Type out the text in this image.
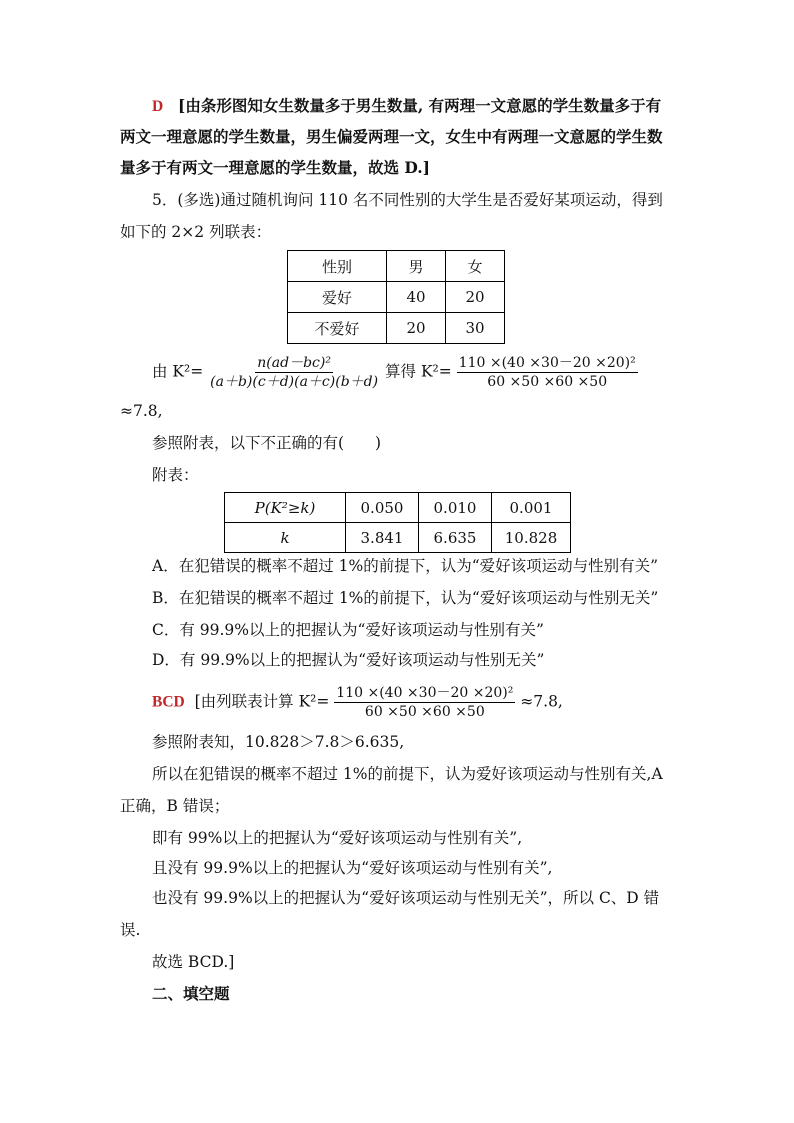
D [由条形图知女生数量多于男生数量, 有两理一文意愿的学生数量多于有
两文一理意愿的学生数量，男生偏爱两理一文，女生中有两理一文意愿的学生数
量多于有两文一理意愿的学生数量，故选 D.]
5．(多选)通过随机询问 110 名不同性别的大学生是否爱好某项运动，得到
如下的 2×2 列联表：
性别	男	女
爱好	40	20
不爱好	20	30
由 $K^2= \frac{\text{n(ad－bc)²}}{(a+b)(c+d)(a+c)(b+d)}$ 算得 $K^2= \frac{\text{110 ×(40 ×30－20 ×20)²}}{60 \times 50 \times 60 \times 50}$
≈7.8,
参照附表，以下不正确的有(　　)
附表：
P(K²≥k)	0.050	0.010	0.001
k	3.841	6.635	10.828
A．在犯错误的概率不超过 1%的前提下，认为“爱好该项运动与性别有关”
B．在犯错误的概率不超过 1%的前提下，认为“爱好该项运动与性别无关”
C．有 99.9%以上的把握认为“爱好该项运动与性别有关”
D．有 99.9%以上的把握认为“爱好该项运动与性别无关”
BCD [由列联表计算 $K^2= \frac{\text{110 ×(40 ×30－20 ×20)²}}{60 \times 50 \times 60 \times 50} \approx 7.8$,
参照附表知，10.828＞7.8＞6.635,
所以在犯错误的概率不超过 1%的前提下，认为爱好该项运动与性别有关,A
正确，B 错误；
即有 99%以上的把握认为“爱好该项运动与性别有关”,
且没有 99.9%以上的把握认为“爱好该项运动与性别有关”,
也没有 99.9%以上的把握认为“爱好该项运动与性别无关”，所以 C、D 错
误.
故选 BCD.]
二、填空题
